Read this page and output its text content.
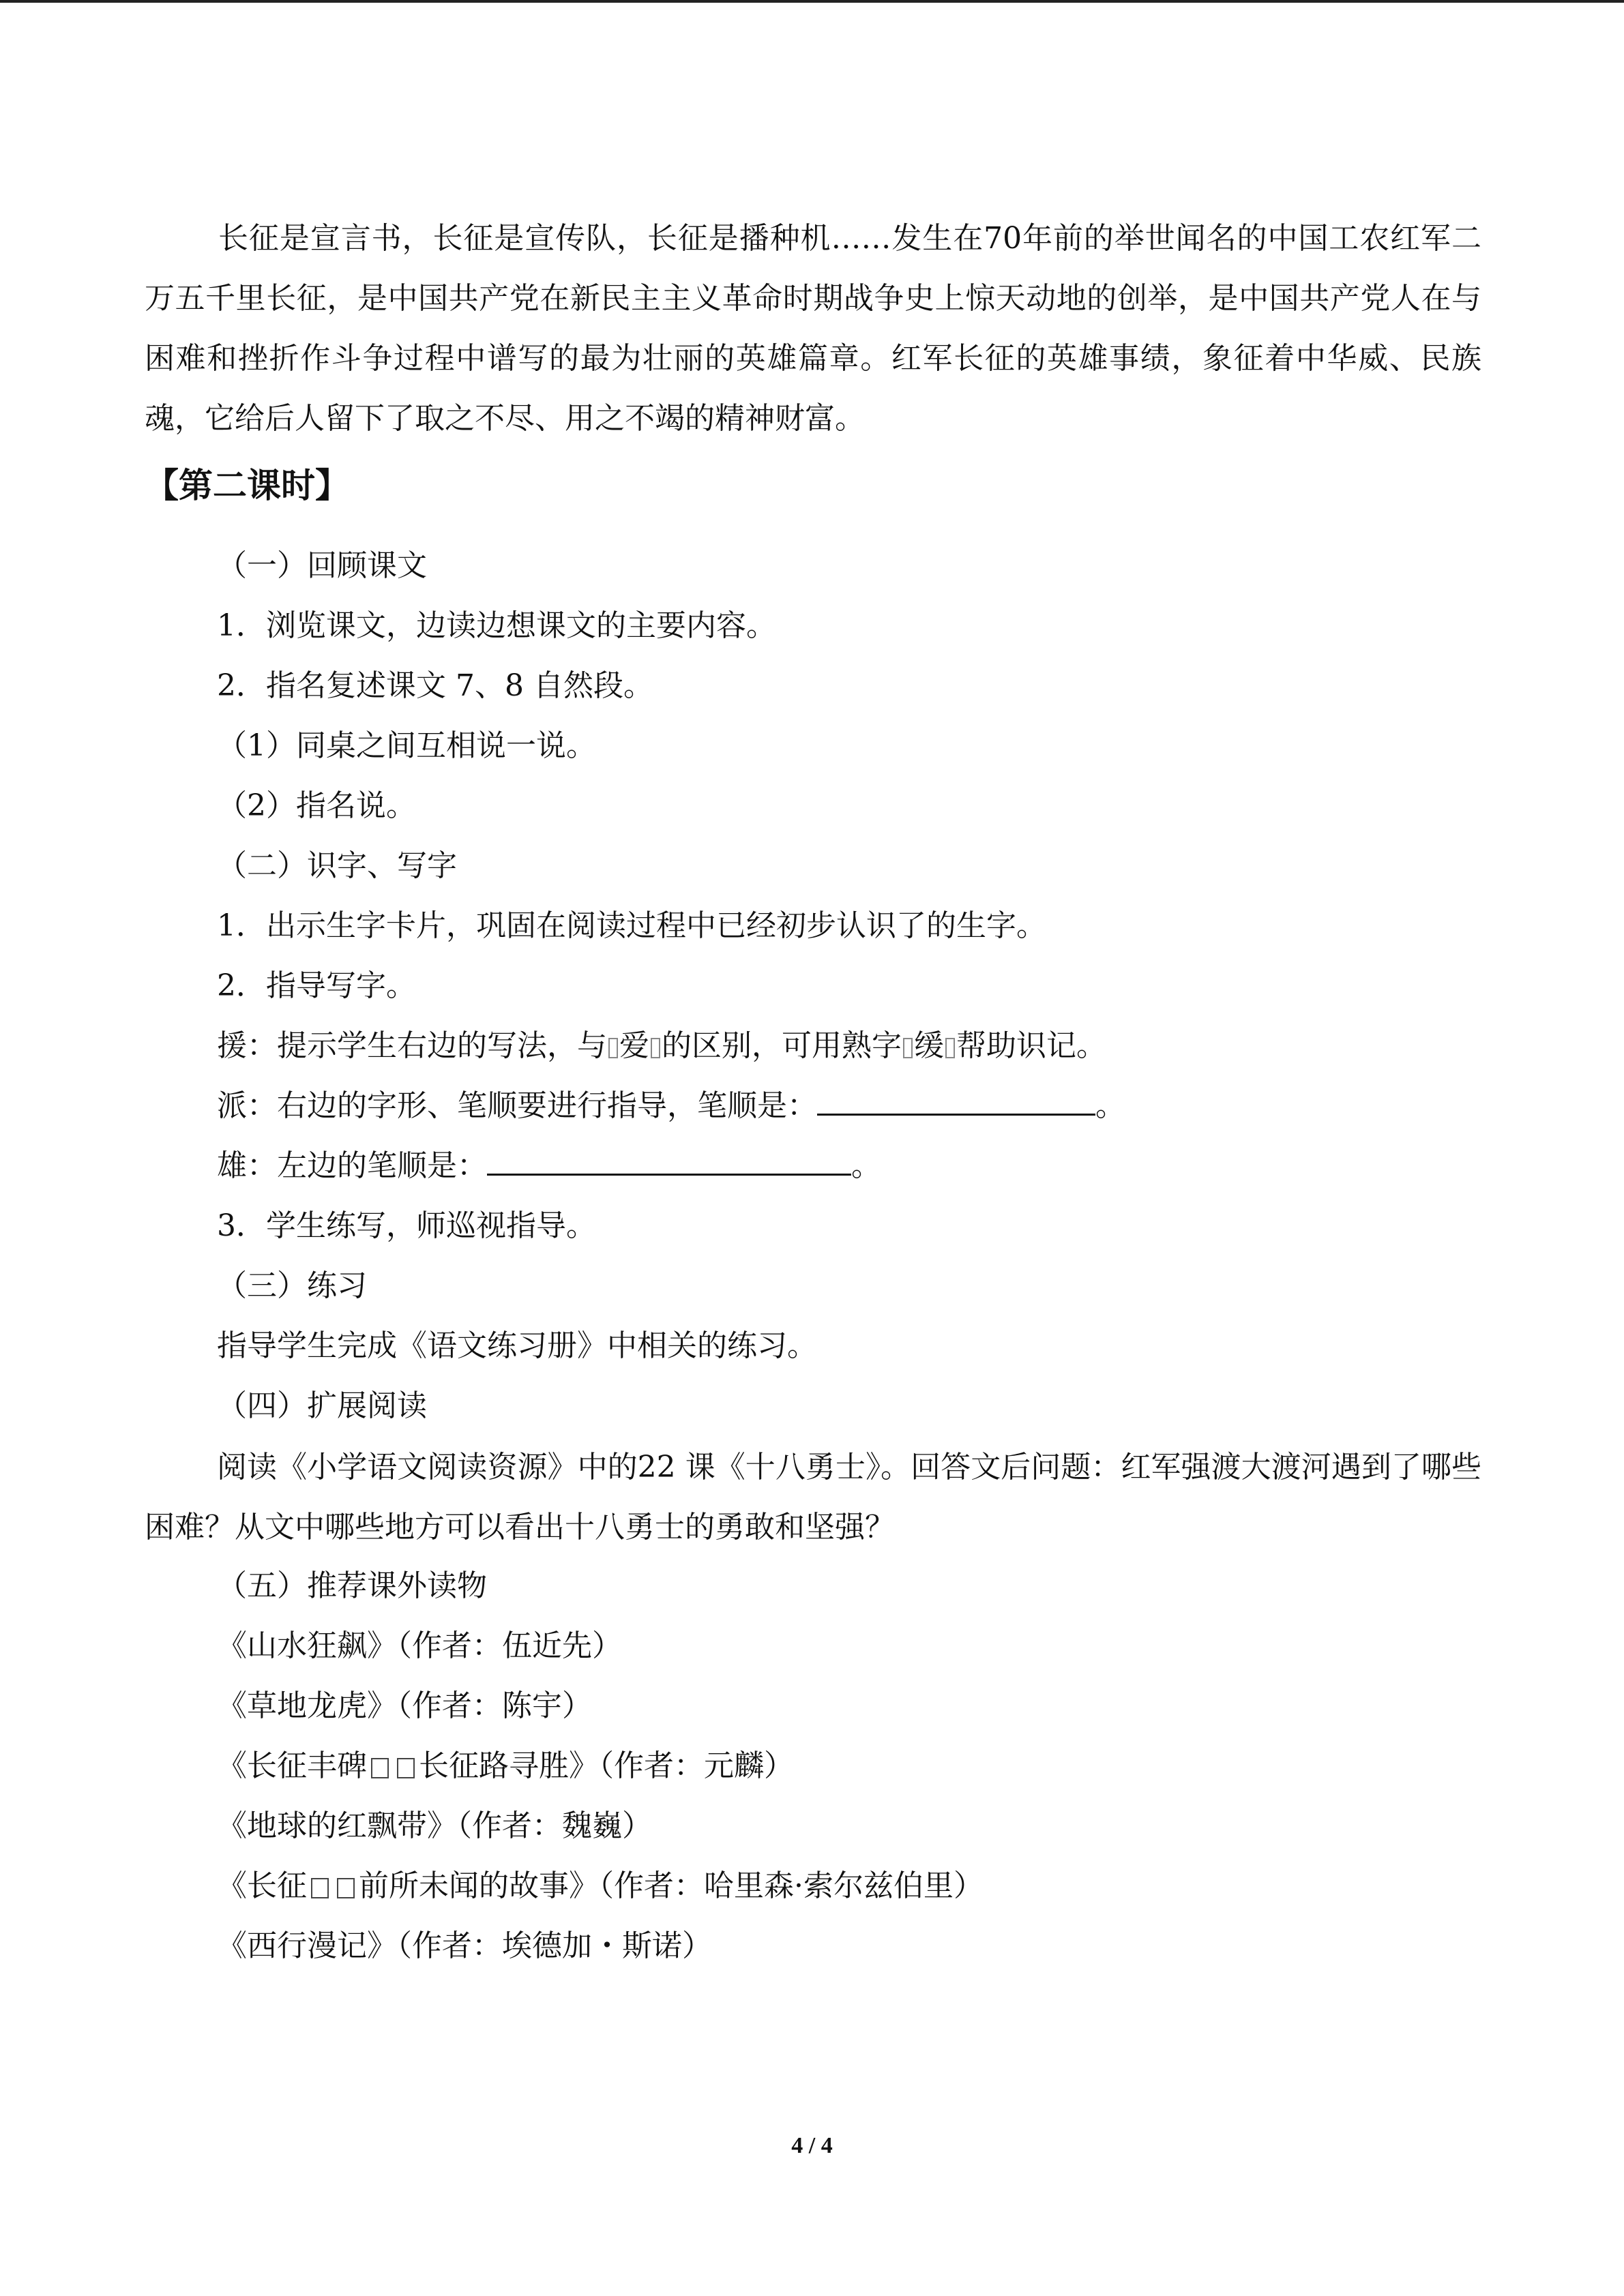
长征是宣言书，长征是宣传队，长征是播种机……发生在70年前的举世闻名的中国工农红军二万五千里长征，是中国共产党在新民主主义革命时期战争史上惊天动地的创举，是中国共产党人在与困难和挫折作斗争过程中谱写的最为壮丽的英雄篇章。红军长征的英雄事绩，象征着中华威、民族魂，它给后人留下了取之不尽、用之不竭的精神财富。

【第二课时】

（一）回顾课文

1．浏览课文，边读边想课文的主要内容。

2．指名复述课文 7、8 自然段。

（1）同桌之间互相说一说。

（2）指名说。

（二）识字、写字

1．出示生字卡片，巩固在阅读过程中已经初步认识了的生字。

2．指导写字。

援：提示学生右边的写法，与 爱 的区别，可用熟字 缓 帮助识记。

派：右边的字形、笔顺要进行指导，笔顺是：	。

雄：左边的笔顺是：	。

3．学生练写，师巡视指导。

（三）练习

指导学生完成《语文练习册》中相关的练习。

（四）扩展阅读

阅读《小学语文阅读资源》中的22 课《十八勇士》。回答文后问题：红军强渡大渡河遇到了哪些困难？从文中哪些地方可以看出十八勇士的勇敢和坚强？

（五）推荐课外读物

《山水狂飙》（作者：伍近先）

《草地龙虎》（作者：陈宇）

《长征丰碑 长征路寻胜》（作者：元麟）

《地球的红飘带》（作者：魏巍）

《长征 前所未闻的故事》（作者：哈里森·索尔兹伯里）

《西行漫记》（作者：埃德加・斯诺）

4 / 4
